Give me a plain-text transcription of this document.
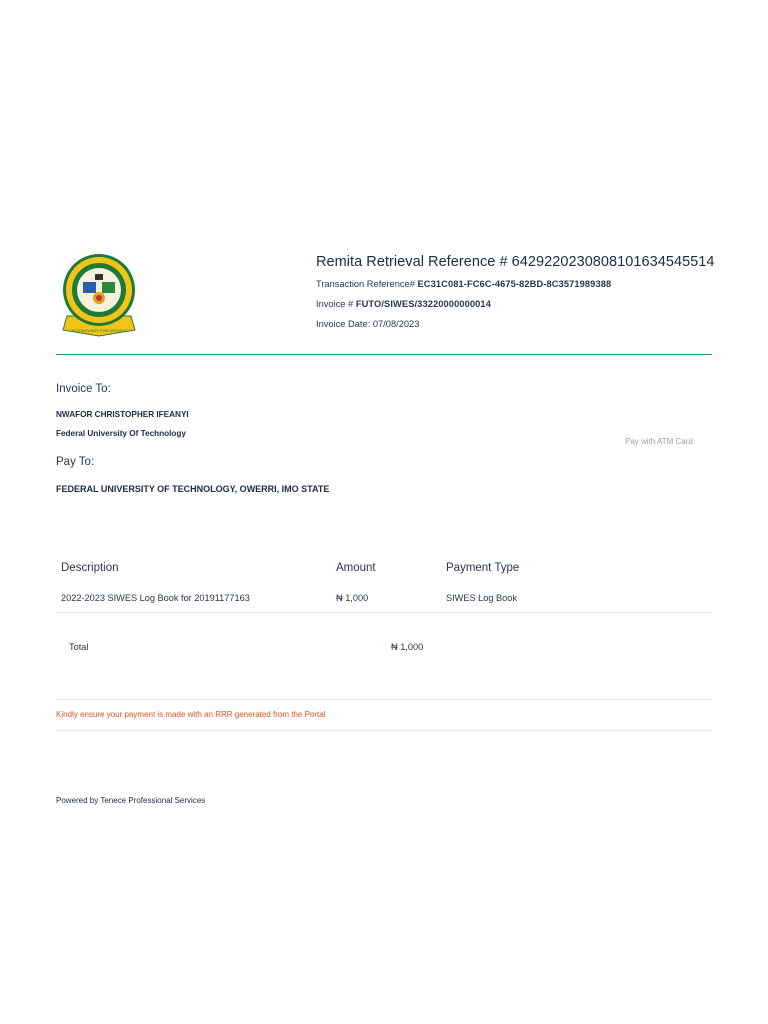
TECHNOLOGY FOR SERVICE
Remita Retrieval Reference # 6429220230808101634545514
Transaction Reference# EC31C081-FC6C-4675-82BD-8C3571989388
Invoice # FUTO/SIWES/33220000000014
Invoice Date: 07/08/2023
Invoice To:
NWAFOR CHRISTOPHER IFEANYI
Federal University Of Technology
Pay with ATM Card
Pay To:
FEDERAL UNIVERSITY OF TECHNOLOGY, OWERRI, IMO STATE
Description	Amount	Payment Type
2022-2023 SIWES Log Book for 20191177163	₦ 1,000	SIWES Log Book
Total	₦ 1,000
Kindly ensure your payment is made with an RRR generated from the Portal
Powered by Tenece Professional Services
